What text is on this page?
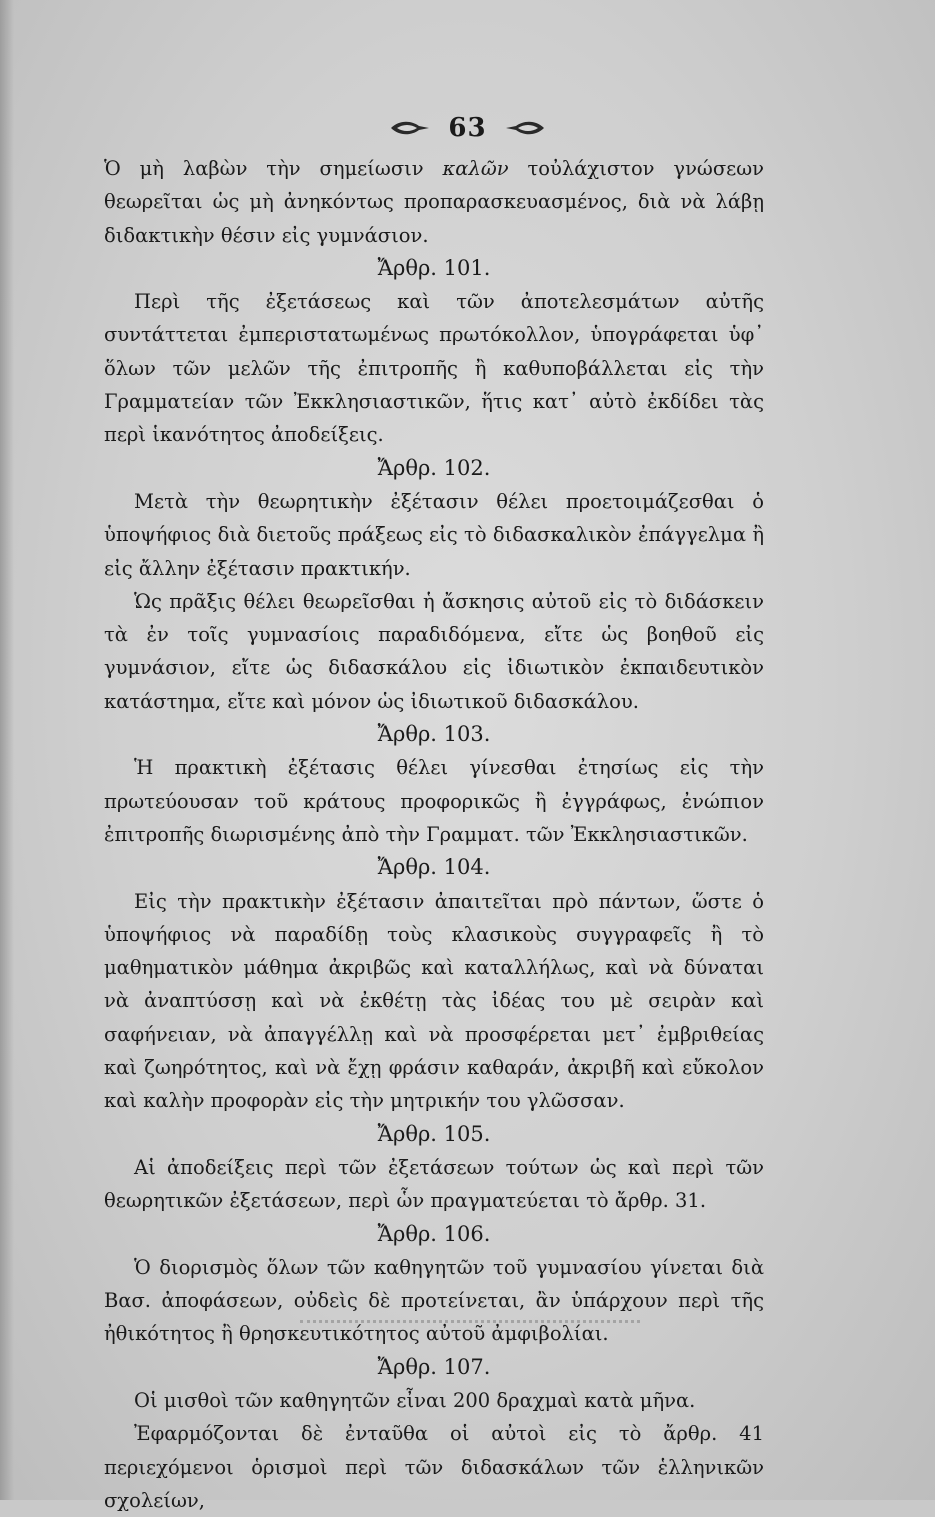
63

Ὁ μὴ λαβὼν τὴν σημείωσιν καλῶν τοὐλάχιστον γνώσεων θεωρεῖται ὡς μὴ ἀνηκόντως προπαρασκευασμένος, διὰ νὰ λάβῃ διδακτικὴν θέσιν εἰς γυμνάσιον.

Ἄρθρ. 101.

Περὶ τῆς ἐξετάσεως καὶ τῶν ἀποτελεσμάτων αὐτῆς συντάττεται ἐμπεριστατωμένως πρωτόκολλον, ὑπογράφεται ὑφ᾽ ὅλων τῶν μελῶν τῆς ἐπιτροπῆς ἢ καθυποβάλλεται εἰς τὴν Γραμματείαν τῶν Ἐκκλησιαστικῶν, ἥτις κατ᾽ αὐτὸ ἐκδίδει τὰς περὶ ἱκανότητος ἀποδείξεις.

Ἄρθρ. 102.

Μετὰ τὴν θεωρητικὴν ἐξέτασιν θέλει προετοιμάζεσθαι ὁ ὑποψήφιος διὰ διετοῦς πράξεως εἰς τὸ διδασκαλικὸν ἐπάγγελμα ἢ εἰς ἄλλην ἐξέτασιν πρακτικήν.

Ὡς πρᾶξις θέλει θεωρεῖσθαι ἡ ἄσκησις αὐτοῦ εἰς τὸ διδάσκειν τὰ ἐν τοῖς γυμνασίοις παραδιδόμενα, εἴτε ὡς βοηθοῦ εἰς γυμνάσιον, εἴτε ὡς διδασκάλου εἰς ἰδιωτικὸν ἐκπαιδευτικὸν κατάστημα, εἴτε καὶ μόνον ὡς ἰδιωτικοῦ διδασκάλου.

Ἄρθρ. 103.

Ἡ πρακτικὴ ἐξέτασις θέλει γίνεσθαι ἐτησίως εἰς τὴν πρωτεύουσαν τοῦ κράτους προφορικῶς ἢ ἐγγράφως, ἐνώπιον ἐπιτροπῆς διωρισμένης ἀπὸ τὴν Γραμματ. τῶν Ἐκκλησιαστικῶν.

Ἄρθρ. 104.

Εἰς τὴν πρακτικὴν ἐξέτασιν ἀπαιτεῖται πρὸ πάντων, ὥστε ὁ ὑποψήφιος νὰ παραδίδῃ τοὺς κλασικοὺς συγγραφεῖς ἢ τὸ μαθηματικὸν μάθημα ἀκριβῶς καὶ καταλλήλως, καὶ νὰ δύναται νὰ ἀναπτύσσῃ καὶ νὰ ἐκθέτῃ τὰς ἰδέας του μὲ σειρὰν καὶ σαφήνειαν, νὰ ἀπαγγέλλῃ καὶ νὰ προσφέρεται μετ᾽ ἐμβριθείας καὶ ζωηρότητος, καὶ νὰ ἔχῃ φράσιν καθαράν, ἀκριβῆ καὶ εὔκολον καὶ καλὴν προφορὰν εἰς τὴν μητρικήν του γλῶσσαν.

Ἄρθρ. 105.

Αἱ ἀποδείξεις περὶ τῶν ἐξετάσεων τούτων ὡς καὶ περὶ τῶν θεωρητικῶν ἐξετάσεων, περὶ ὧν πραγματεύεται τὸ ἄρθρ. 31.

Ἄρθρ. 106.

Ὁ διορισμὸς ὅλων τῶν καθηγητῶν τοῦ γυμνασίου γίνεται διὰ Βασ. ἀποφάσεων, οὐδεὶς δὲ προτείνεται, ἂν ὑπάρχουν περὶ τῆς ἠθικότητος ἢ θρησκευτικότητος αὐτοῦ ἀμφιβολίαι.

Ἄρθρ. 107.

Οἱ μισθοὶ τῶν καθηγητῶν εἶναι 200 δραχμαὶ κατὰ μῆνα.

Ἐφαρμόζονται δὲ ἐνταῦθα οἱ αὐτοὶ εἰς τὸ ἄρθρ. 41 περιεχόμενοι ὁρισμοὶ περὶ τῶν διδασκάλων τῶν ἑλληνικῶν σχολείων,
